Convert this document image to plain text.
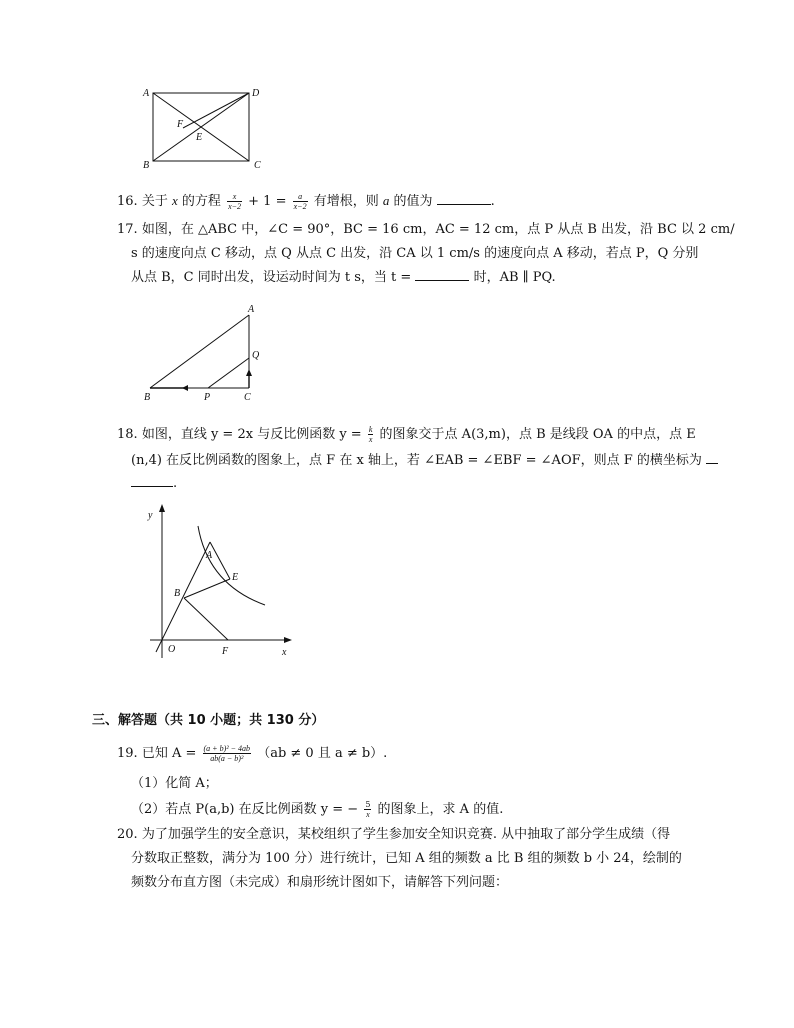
A	D
F
E
B	C
16. 关于 x 的方程 $\frac{x}{x-2} + 1 = \frac{a}{x-2}$ 有增根，则 a 的值为	.
17. 如图，在 △ABC 中，∠C = 90°，BC = 16 cm，AC = 12 cm，点 P 从点 B 出发，沿 BC 以 2 cm/
s 的速度向点 C 移动，点 Q 从点 C 出发，沿 CA 以 1 cm/s 的速度向点 A 移动，若点 P，Q 分别
从点 B，C 同时出发，设运动时间为 t s，当 t =	时，AB ∥ PQ.
A
Q
B	P	C
18. 如图，直线 y = 2x 与反比例函数 $y = \frac{k}{x}$ 的图象交于点 A(3,m)，点 B 是线段 OA 的中点，点 E
(n,4) 在反比例函数的图象上，点 F 在 x 轴上，若 ∠EAB = ∠EBF = ∠AOF，则点 F 的横坐标为
.
y
A
E
B
O	F	x
三、解答题（共 10 小题；共 130 分）
19. 已知 $A = \frac{\text{(a + b)² − 4ab}}{\text{ab(a − b)²}} (ab \ne 0$ 且 a ≠ b）.
（1）化简 A；
（2）若点 P(a,b) 在反比例函数 y = − $\frac{5}{x}$ 的图象上，求 A 的值.
20. 为了加强学生的安全意识，某校组织了学生参加安全知识竞赛. 从中抽取了部分学生成绩（得
分数取正整数，满分为 100 分）进行统计，已知 A 组的频数 a 比 B 组的频数 b 小 24，绘制的
频数分布直方图（未完成）和扇形统计图如下，请解答下列问题：
